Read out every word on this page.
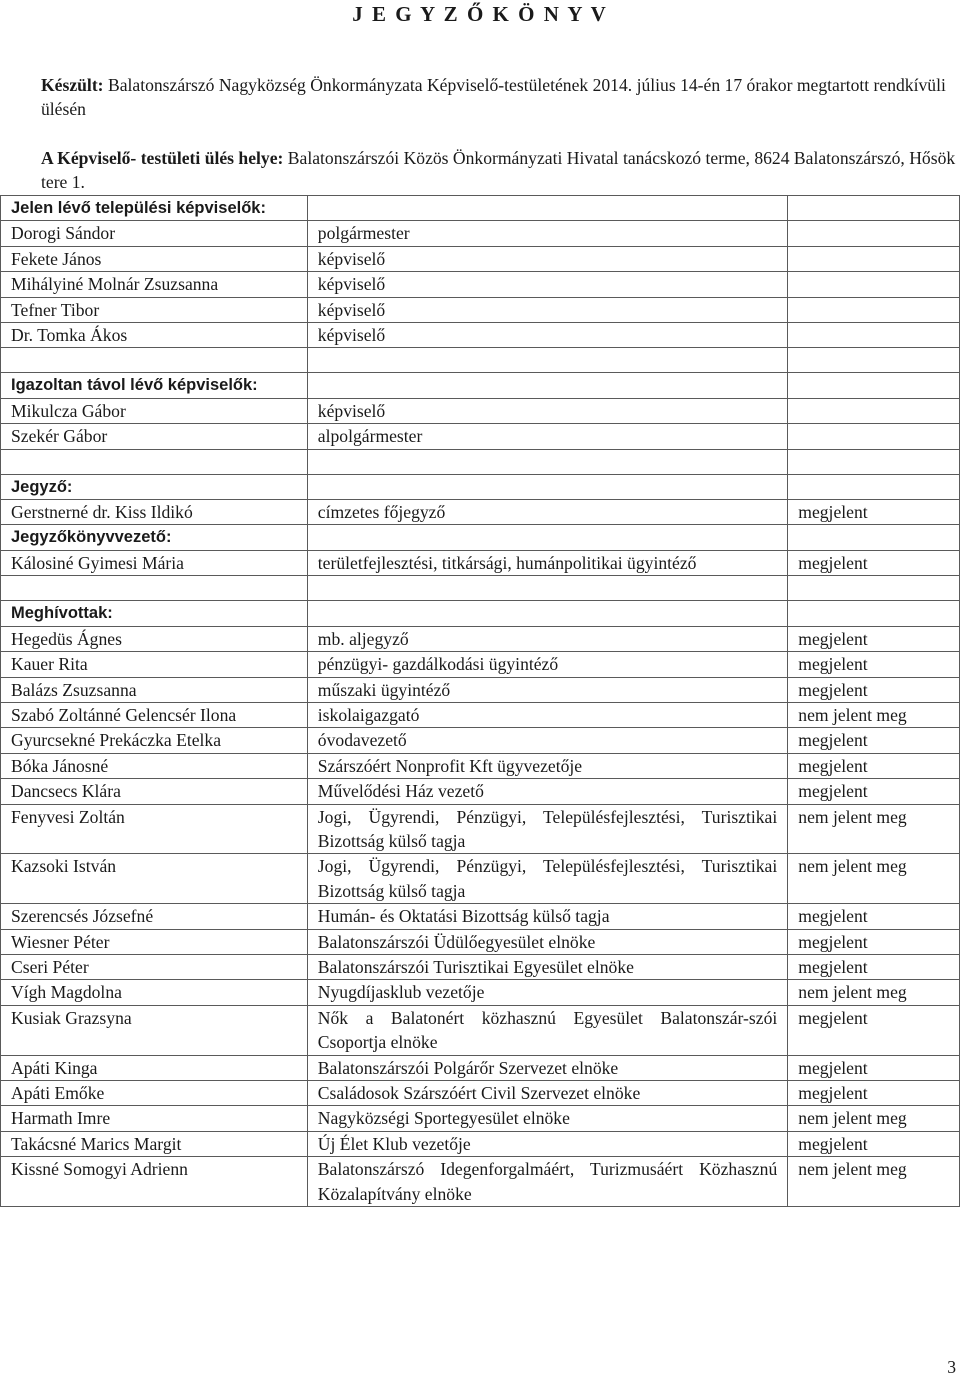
J E G Y Z Ő K Ö N Y V
Készült: Balatonszárszó Nagyközség Önkormányzata Képviselő-testületének 2014. július 14-én 17 órakor megtartott rendkívüli ülésén
A Képviselő- testületi ülés helye: Balatonszárszói Közös Önkormányzati Hivatal tanácskozó terme, 8624 Balatonszárszó, Hősök tere 1.
Jelen lévő települési képviselők:		
Dorogi Sándor	polgármester	
Fekete János	képviselő	
Mihályiné Molnár Zsuzsanna	képviselő	
Tefner Tibor	képviselő	
Dr. Tomka Ákos	képviselő	

Igazoltan távol lévő képviselők:		
Mikulcza Gábor	képviselő	
Szekér Gábor	alpolgármester	

Jegyző:		
Gerstnerné dr. Kiss Ildikó	címzetes főjegyző	megjelent
Jegyzőkönyvvezető:		
Kálosiné Gyimesi Mária	területfejlesztési, titkársági, humánpolitikai ügyintéző	megjelent

Meghívottak:		
Hegedüs Ágnes	mb. aljegyző	megjelent
Kauer Rita	pénzügyi- gazdálkodási ügyintéző	megjelent
Balázs Zsuzsanna	műszaki ügyintéző	megjelent
Szabó Zoltánné Gelencsér Ilona	iskolaigazgató	nem jelent meg
Gyurcsekné Prekáczka Etelka	óvodavezető	megjelent
Bóka Jánosné	Szárszóért Nonprofit Kft ügyvezetője	megjelent
Dancsecs Klára	Művelődési Ház vezető	megjelent
Fenyvesi Zoltán	Jogi, Ügyrendi, Pénzügyi, Településfejlesztési, Turisztikai Bizottság külső tagja	nem jelent meg
Kazsoki István	Jogi, Ügyrendi, Pénzügyi, Településfejlesztési, Turisztikai Bizottság külső tagja	nem jelent meg
Szerencsés Józsefné	Humán- és Oktatási Bizottság külső tagja	megjelent
Wiesner Péter	Balatonszárszói Üdülőegyesület elnöke	megjelent
Cseri Péter	Balatonszárszói Turisztikai Egyesület elnöke	megjelent
Vígh Magdolna	Nyugdíjasklub vezetője	nem jelent meg
Kusiak Grazsyna	Nők a Balatonért közhasznú Egyesület Balatonszár-szói Csoportja elnöke	megjelent
Apáti Kinga	Balatonszárszói Polgárőr Szervezet elnöke	megjelent
Apáti Emőke	Családosok Szárszóért Civil Szervezet elnöke	megjelent
Harmath Imre	Nagyközségi Sportegyesület elnöke	nem jelent meg
Takácsné Marics Margit	Új Élet Klub vezetője	megjelent
Kissné Somogyi Adrienn	Balatonszárszó Idegenforgalmáért, Turizmusáért Közhasznú Közalapítvány elnöke	nem jelent meg
3
